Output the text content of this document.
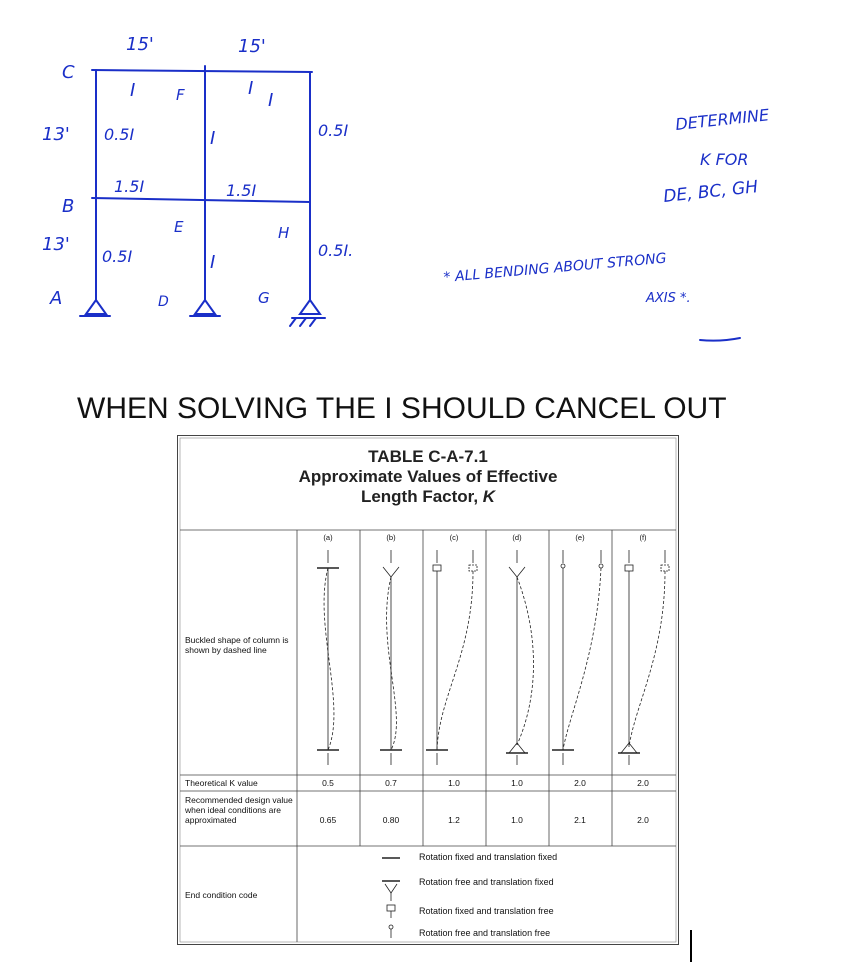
C
F
B
E	H
A	D	G
15'	15'
13'
13'
I	I
I
0.5I	I	0.5I
1.5I	1.5I
0.5I	I
0.5I.
DETERMINE
K FOR
DE, BC, GH
* ALL BENDING ABOUT STRONG
AXIS *.
WHEN SOLVING THE I SHOULD CANCEL OUT
TABLE C-A-7.1
Approximate Values of Effective
Length Factor, K
(a)	(b)	(c)	(d)	(e)	(f)
Buckled shape of column is shown by dashed line
Theoretical K value	0.5	0.7	1.0	1.0	2.0	2.0
Recommended design value when ideal conditions are approximated	0.65	0.80	1.2	1.0	2.1	2.0
End condition code
Rotation fixed and translation fixed
Rotation free and translation fixed
Rotation fixed and translation free
Rotation free and translation free
